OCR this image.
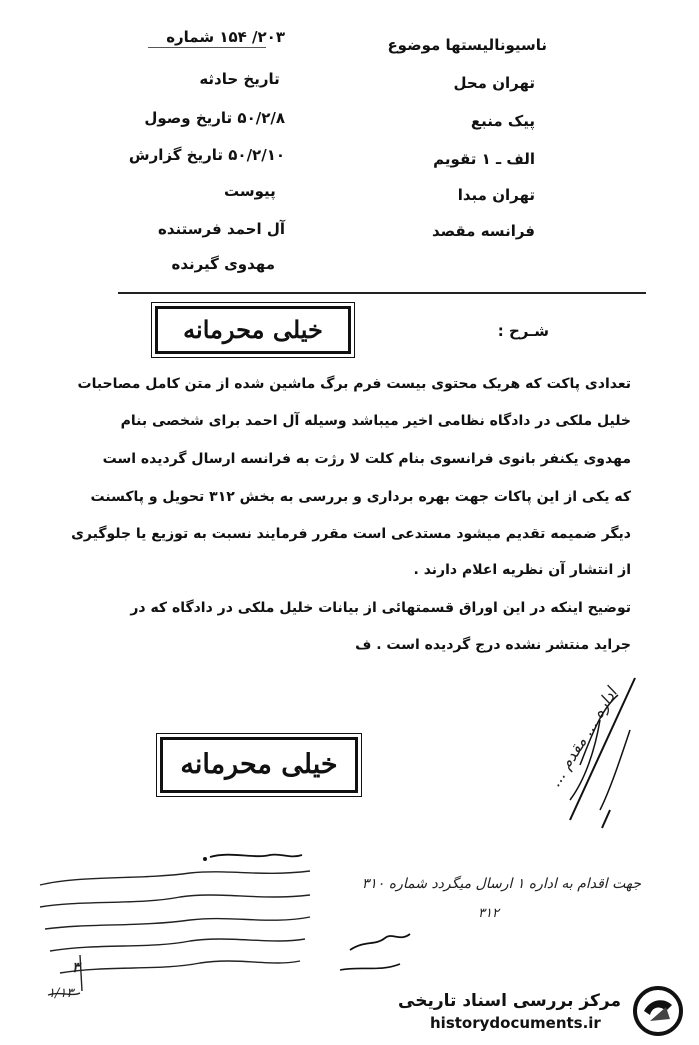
موضوع ناسیونالیستها
محل تهران
منبع پیک
تقویم الف ـ ۱
مبدا تهران
مقصد فرانسه
شماره ۲۰۳/ ۱۵۴
تاریخ حادثه
تاریخ وصول ۵۰/۲/۸
تاریخ گزارش ۵۰/۲/۱۰
پیوست
فرستنده آل احمد
گیرنده مهدوی
خیلی محرمانه	شـرح :
تعدادی پاکت که هریک محتوی بیست فرم برگ ماشین شده از متن کامل مصاحبات
خلیل ملکی در دادگاه نظامی اخیر میباشد وسیله آل احمد برای شخصی بنام
مهدوی یکنفر بانوی فرانسوی بنام کلت لا رژت به فرانسه ارسال گردیده است
که یکی از این پاکات جهت بهره برداری و بررسی به بخش ۳۱۲ تحویل و پاکسنت
دیگر ضمیمه تقدیم میشود مستدعی است مقرر فرمایند نسبت به توزیع یا جلوگیری
از انتشار آن نظریه اعلام دارند .
توضیح اینکه در این اوراق قسمتهائی از بیانات خلیل ملکی در دادگاه که در
جراید منتشر نشده درج گردیده است . ف
اداره ... مقدم ...
خیلی محرمانه
۳
۱/۱۳
جهت اقدام به اداره ۱ ارسال میگردد شماره ۳۱۰
۳۱۲
مرکز بررسی اسناد تاریخی
historydocuments.ir
